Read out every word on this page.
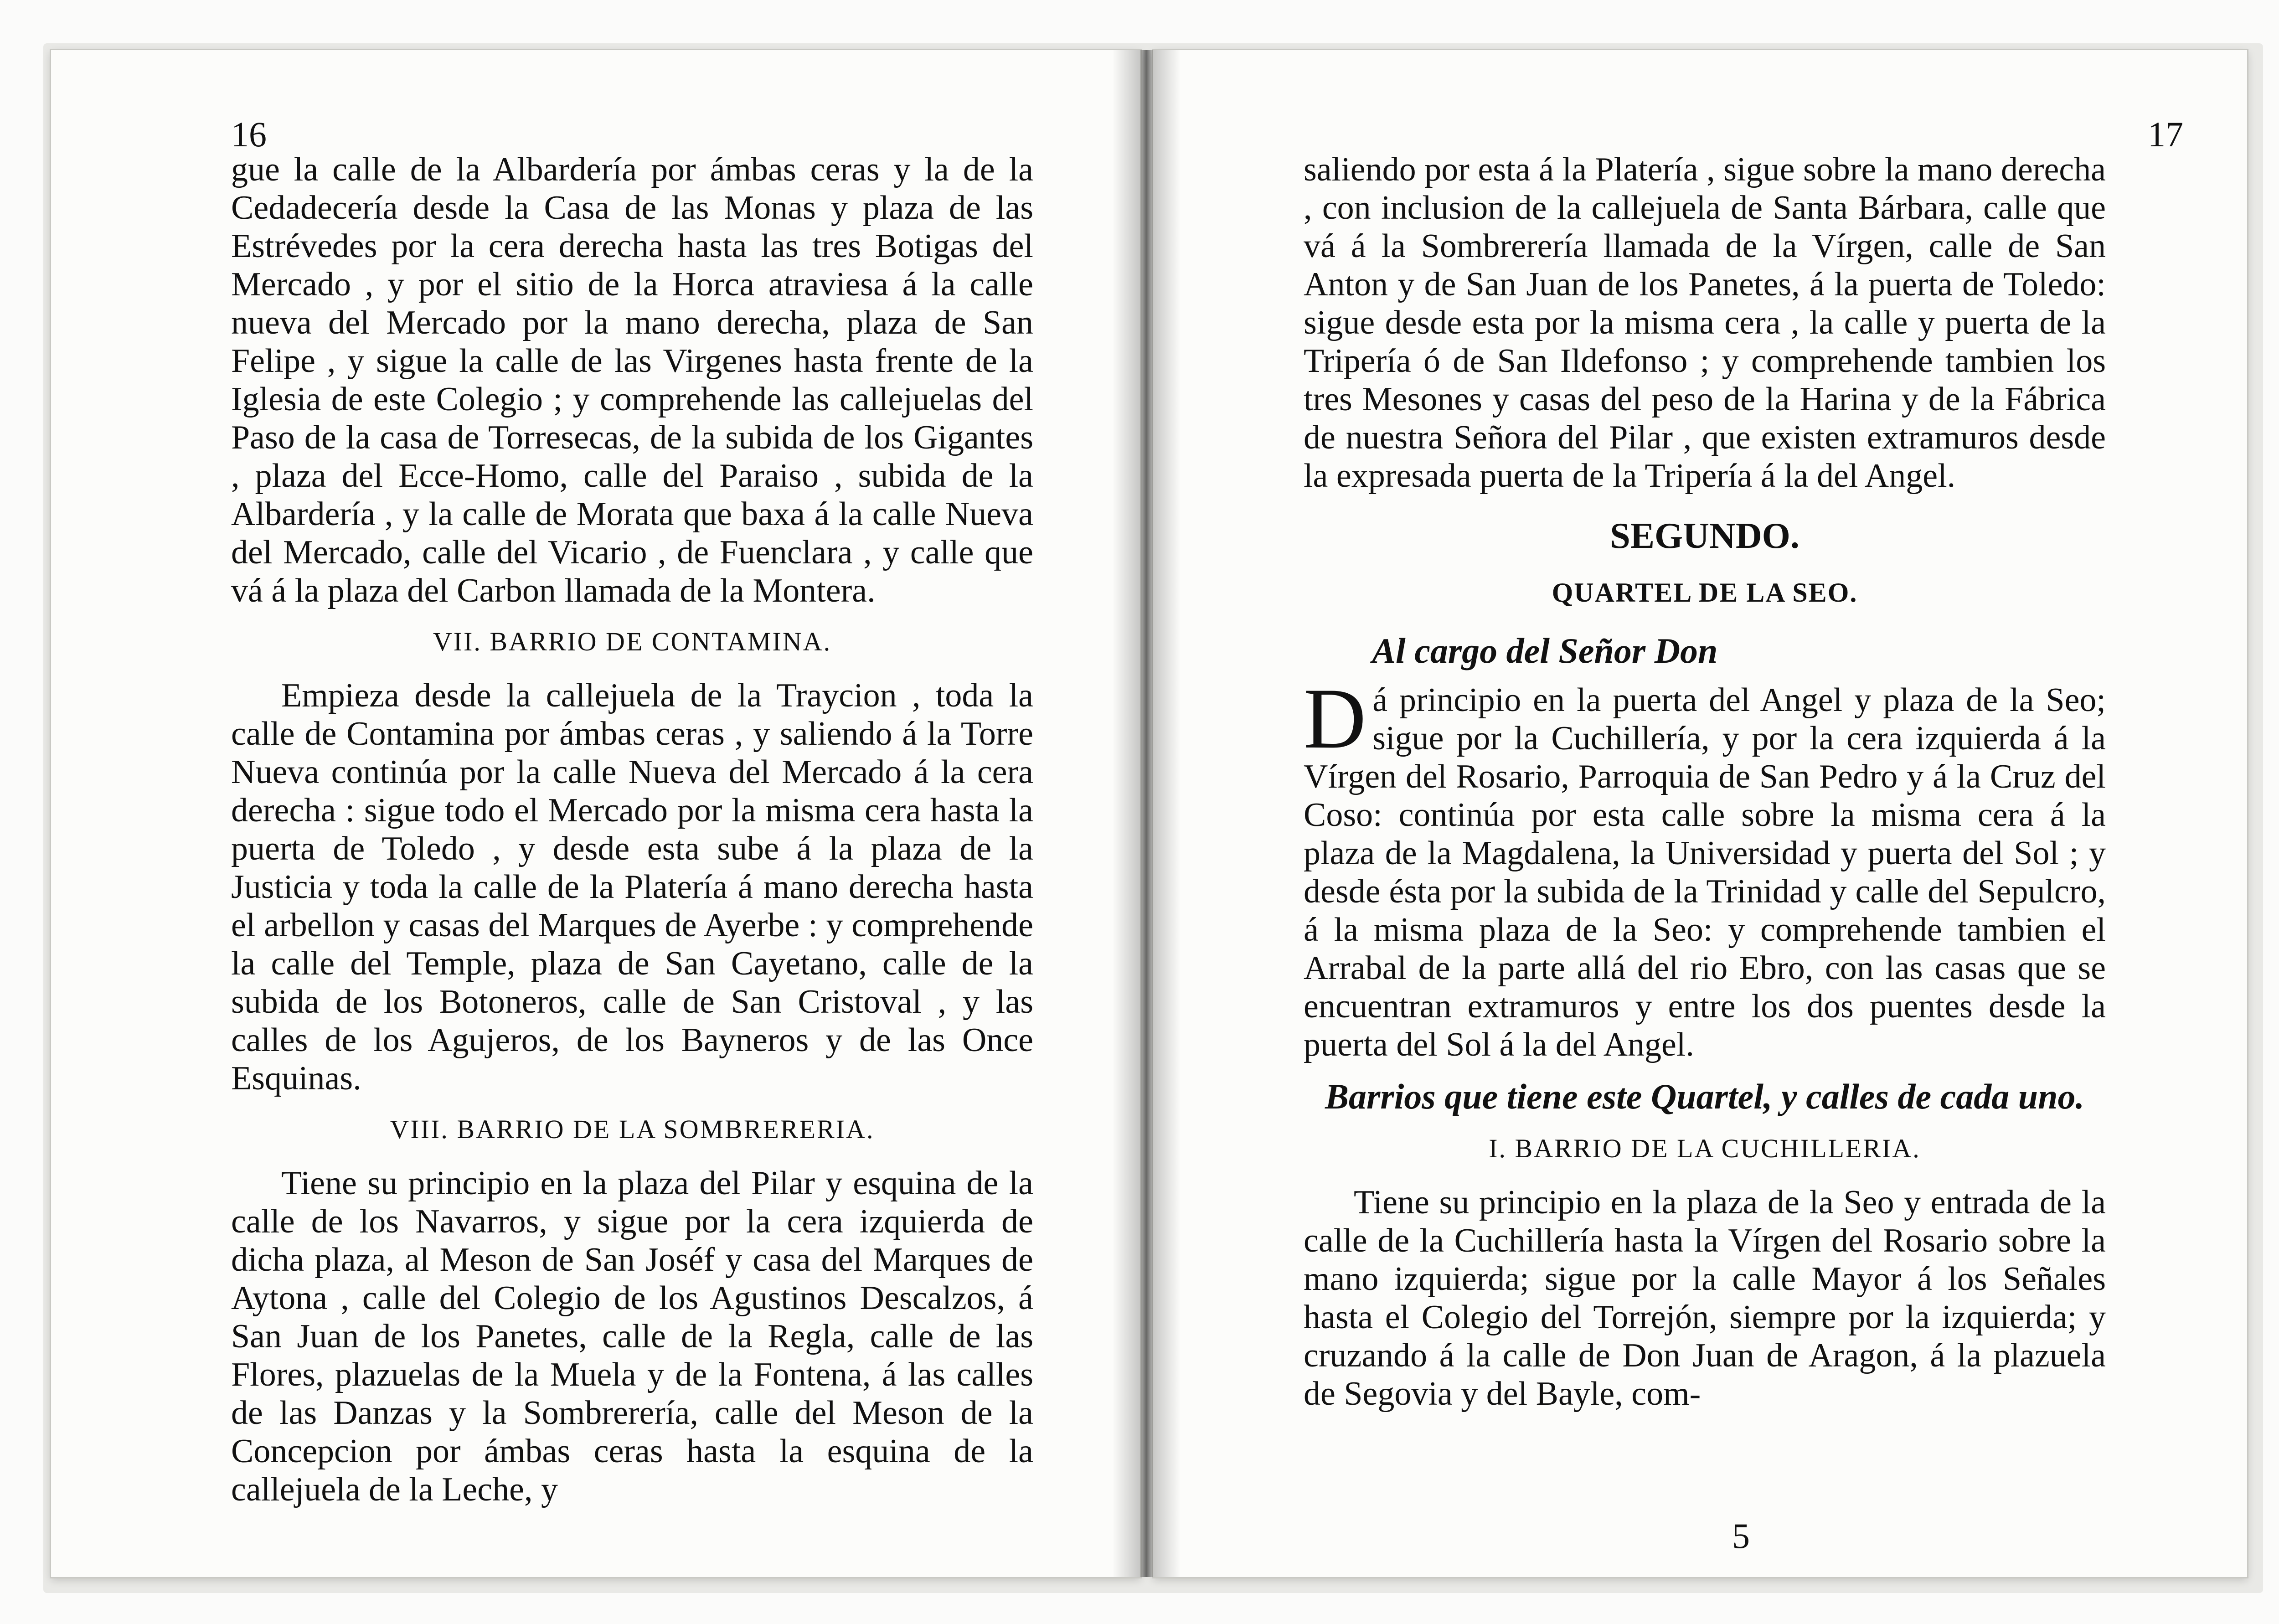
16

gue la calle de la Albardería por ámbas ceras y la de la Cedadecería desde la Casa de las Monas y plaza de las Estrévedes por la cera derecha hasta las tres Botigas del Mercado , y por el sitio de la Horca atraviesa á la calle nueva del Mercado por la mano derecha, plaza de San Felipe , y sigue la calle de las Virgenes hasta frente de la Iglesia de este Colegio ; y comprehende las callejuelas del Paso de la casa de Torresecas, de la subida de los Gigantes , plaza del Ecce-Homo, calle del Paraiso , subida de la Albardería , y la calle de Morata que baxa á la calle Nueva del Mercado, calle del Vicario , de Fuenclara , y calle que vá á la plaza del Carbon llamada de la Montera.

VII. BARRIO DE CONTAMINA.

Empieza desde la callejuela de la Traycion , toda la calle de Contamina por ámbas ceras , y saliendo á la Torre Nueva continúa por la calle Nueva del Mercado á la cera derecha : sigue todo el Mercado por la misma cera hasta la puerta de Toledo , y desde esta sube á la plaza de la Justicia y toda la calle de la Platería á mano derecha hasta el arbellon y casas del Marques de Ayerbe : y comprehende la calle del Temple, plaza de San Cayetano, calle de la subida de los Botoneros, calle de San Cristoval , y las calles de los Agujeros, de los Bayneros y de las Once Esquinas.

VIII. BARRIO DE LA SOMBRERERIA.

Tiene su principio en la plaza del Pilar y esquina de la calle de los Navarros, y sigue por la cera izquierda de dicha plaza, al Meson de San Joséf y casa del Marques de Aytona , calle del Colegio de los Agustinos Descalzos, á San Juan de los Panetes, calle de la Regla, calle de las Flores, plazuelas de la Muela y de la Fontena, á las calles de las Danzas y la Sombrerería, calle del Meson de la Concepcion por ámbas ceras hasta la esquina de la callejuela de la Leche, y

17

saliendo por esta á la Platería , sigue sobre la mano derecha , con inclusion de la callejuela de Santa Bárbara, calle que vá á la Sombrerería llamada de la Vírgen, calle de San Anton y de San Juan de los Panetes, á la puerta de Toledo: sigue desde esta por la misma cera , la calle y puerta de la Tripería ó de San Ildefonso ; y comprehende tambien los tres Mesones y casas del peso de la Harina y de la Fábrica de nuestra Señora del Pilar , que existen extramuros desde la expresada puerta de la Tripería á la del Angel.

SEGUNDO.
QUARTEL DE LA SEO.
Al cargo del Señor Don

Dá principio en la puerta del Angel y plaza de la Seo; sigue por la Cuchillería, y por la cera izquierda á la Vírgen del Rosario, Parroquia de San Pedro y á la Cruz del Coso: continúa por esta calle sobre la misma cera á la plaza de la Magdalena, la Universidad y puerta del Sol ; y desde ésta por la subida de la Trinidad y calle del Sepulcro, á la misma plaza de la Seo: y comprehende tambien el Arrabal de la parte allá del rio Ebro, con las casas que se encuentran extramuros y entre los dos puentes desde la puerta del Sol á la del Angel.

Barrios que tiene este Quartel, y calles de cada uno.
I. BARRIO DE LA CUCHILLERIA.

Tiene su principio en la plaza de la Seo y entrada de la calle de la Cuchillería hasta la Vírgen del Rosario sobre la mano izquierda; sigue por la calle Mayor á los Señales hasta el Colegio del Torrejón, siempre por la izquierda; y cruzando á la calle de Don Juan de Aragon, á la plazuela de Segovia y del Bayle, com-

5
